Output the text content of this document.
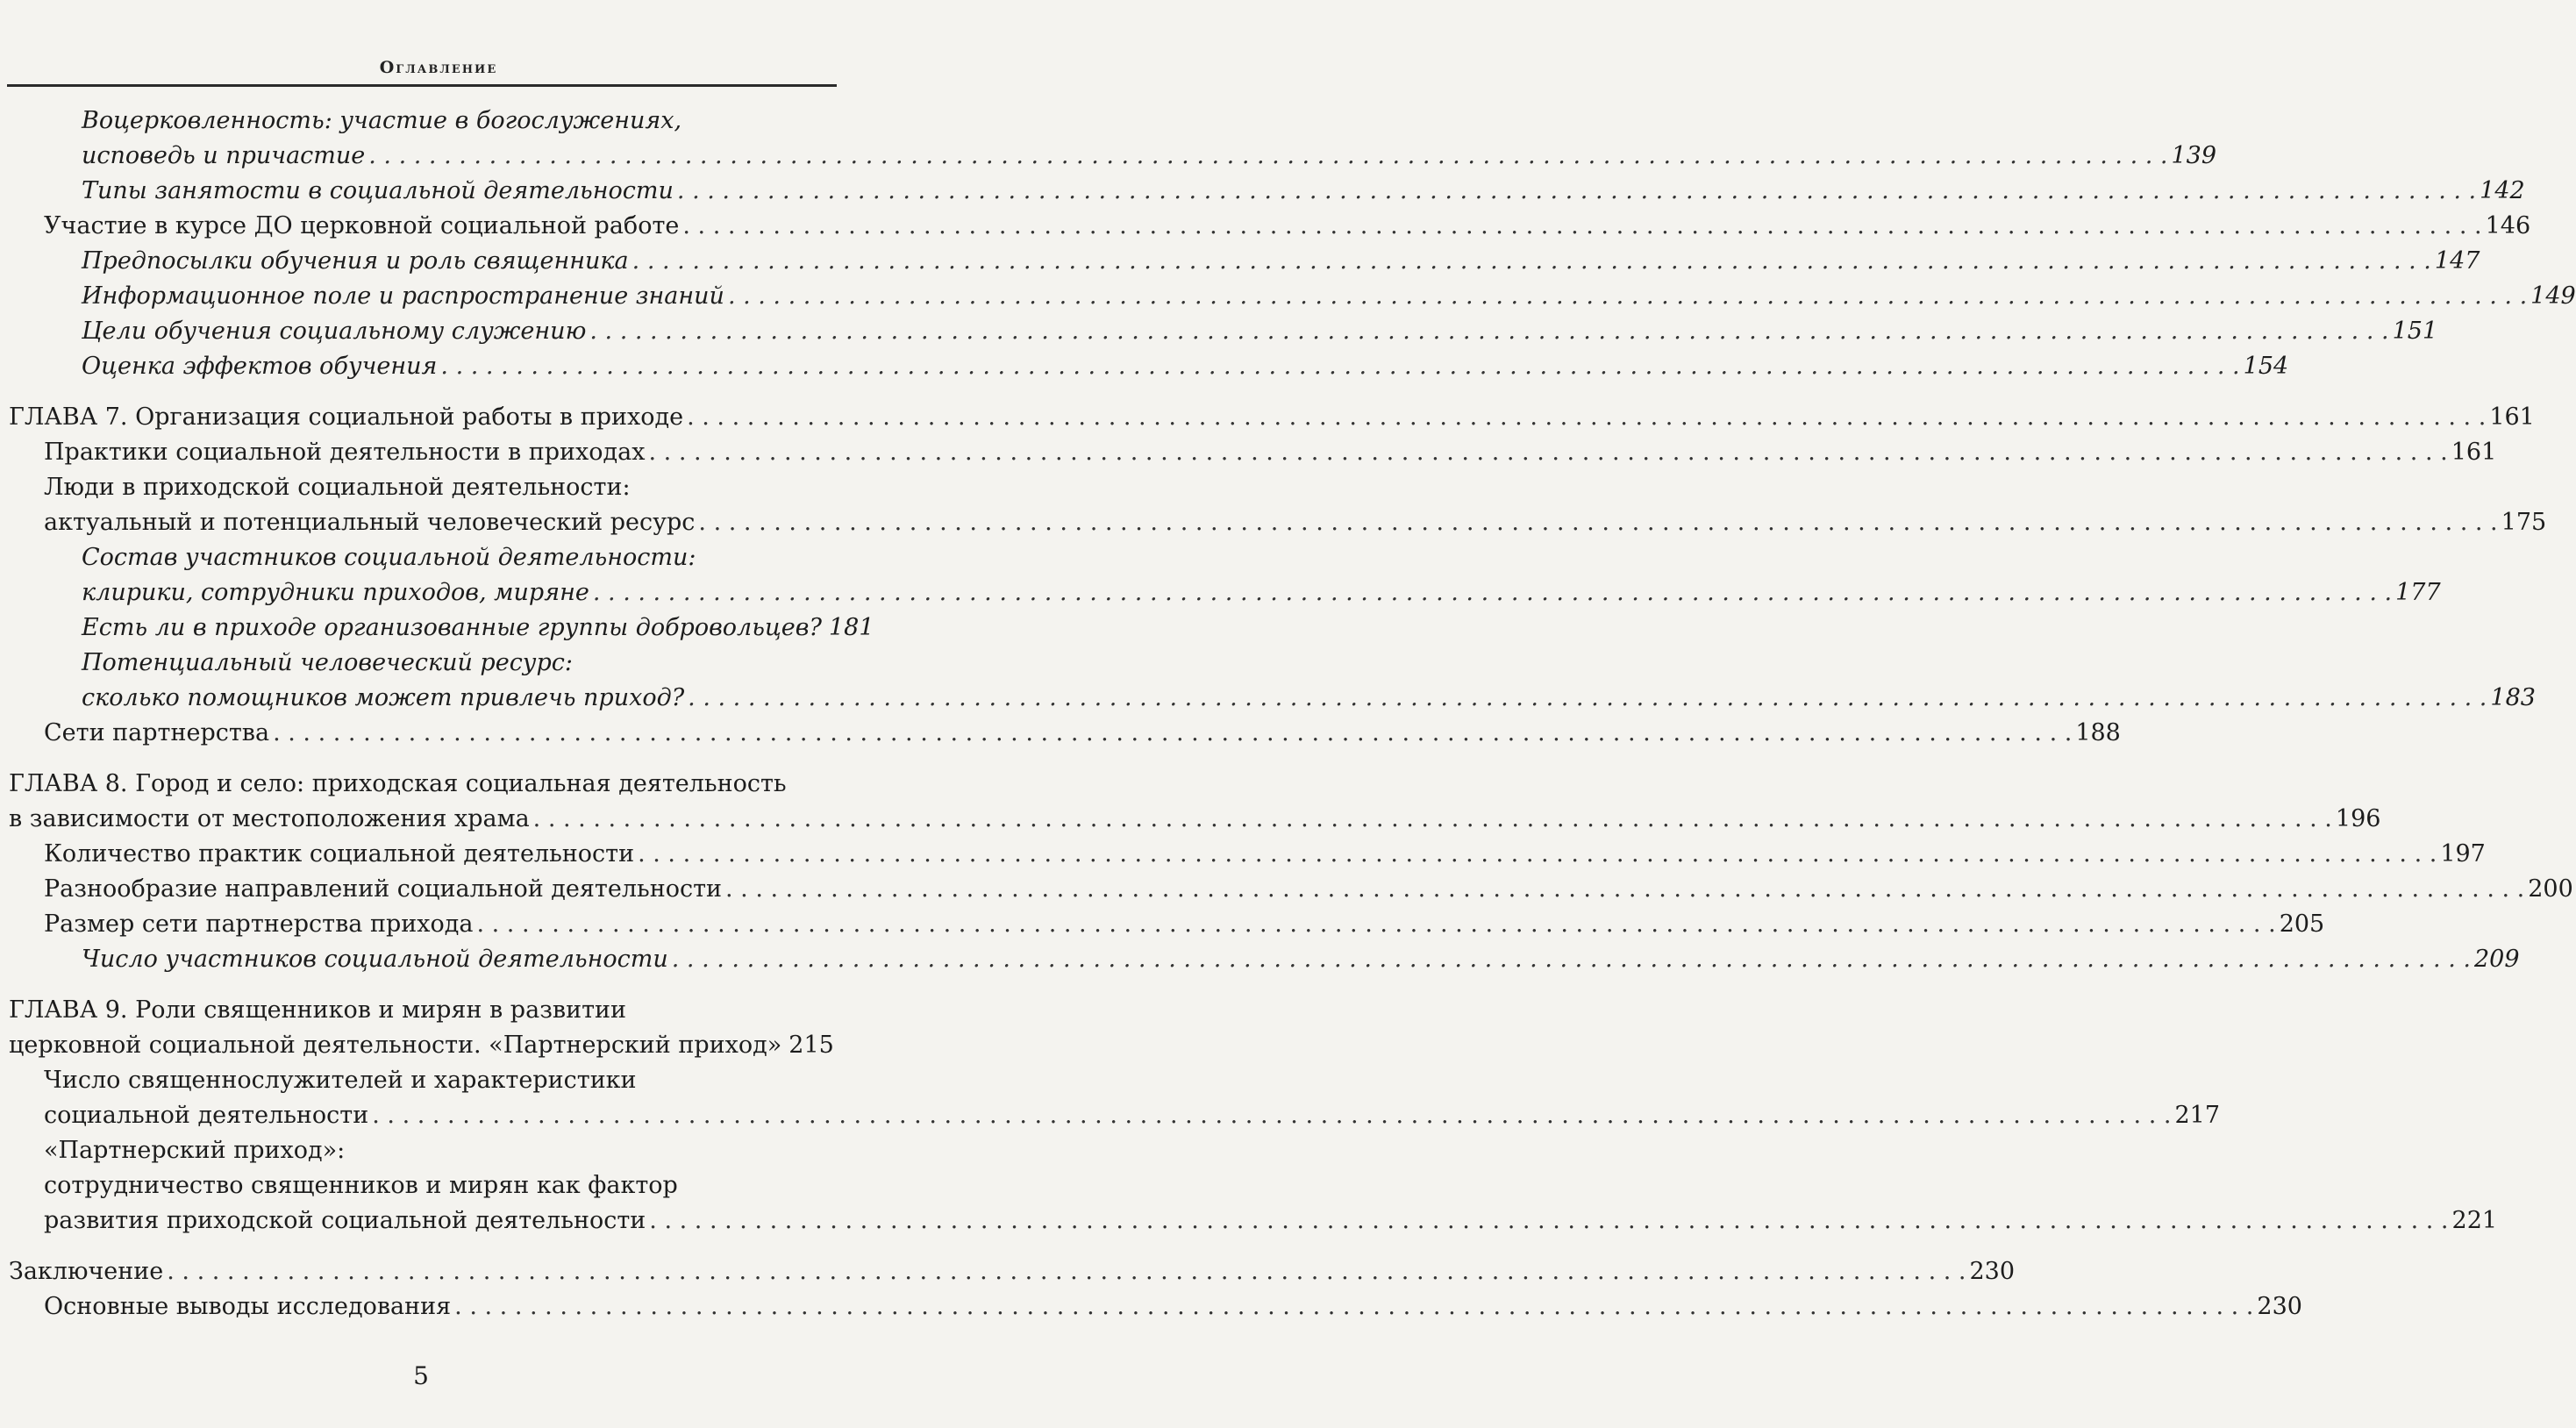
Оглавление
Воцерковленность: участие в богослужениях,
исповедь и причастие . . . . . . . . . . . . . . . . . . . . . . . . . . . . . . . . . . . . . . . . . . . . . . . . . . . . . . . . . . . . . . . . . . . . . . . . . . . . . . . . . . . . . . . . . . . . . . . . . . . . . . . . . . . . . . . . . . . . . . . . 139
Типы занятости в социальной деятельности . . . . . . . . . . . . . . . . . . . . . . . . . . . . . . . . . . . . . . . . . . . . . . . . . . . . . . . . . . . . . . . . . . . . . . . . . . . . . . . . . . . . . . . . . . . . . . . . . . . . . . . . . . . . . . . . . . . . . . . . 142
Участие в курсе ДО церковной социальной работе . . . . . . . . . . . . . . . . . . . . . . . . . . . . . . . . . . . . . . . . . . . . . . . . . . . . . . . . . . . . . . . . . . . . . . . . . . . . . . . . . . . . . . . . . . . . . . . . . . . . . . . . . . . . . . . . . . . . . . . . 146
Предпосылки обучения и роль священника . . . . . . . . . . . . . . . . . . . . . . . . . . . . . . . . . . . . . . . . . . . . . . . . . . . . . . . . . . . . . . . . . . . . . . . . . . . . . . . . . . . . . . . . . . . . . . . . . . . . . . . . . . . . . . . . . . . . . . . . 147
Информационное поле и распространение знаний . . . . . . . . . . . . . . . . . . . . . . . . . . . . . . . . . . . . . . . . . . . . . . . . . . . . . . . . . . . . . . . . . . . . . . . . . . . . . . . . . . . . . . . . . . . . . . . . . . . . . . . . . . . . . . . . . . . . . . . . 149
Цели обучения социальному служению . . . . . . . . . . . . . . . . . . . . . . . . . . . . . . . . . . . . . . . . . . . . . . . . . . . . . . . . . . . . . . . . . . . . . . . . . . . . . . . . . . . . . . . . . . . . . . . . . . . . . . . . . . . . . . . . . . . . . . . . 151
Оценка эффектов обучения . . . . . . . . . . . . . . . . . . . . . . . . . . . . . . . . . . . . . . . . . . . . . . . . . . . . . . . . . . . . . . . . . . . . . . . . . . . . . . . . . . . . . . . . . . . . . . . . . . . . . . . . . . . . . . . . . . . . . . . . 154
ГЛАВА 7. Организация социальной работы в приходе . . . . . . . . . . . . . . . . . . . . . . . . . . . . . . . . . . . . . . . . . . . . . . . . . . . . . . . . . . . . . . . . . . . . . . . . . . . . . . . . . . . . . . . . . . . . . . . . . . . . . . . . . . . . . . . . . . . . . . . . 161
Практики социальной деятельности в приходах . . . . . . . . . . . . . . . . . . . . . . . . . . . . . . . . . . . . . . . . . . . . . . . . . . . . . . . . . . . . . . . . . . . . . . . . . . . . . . . . . . . . . . . . . . . . . . . . . . . . . . . . . . . . . . . . . . . . . . . . 161
Люди в приходской социальной деятельности:
актуальный и потенциальный человеческий ресурс . . . . . . . . . . . . . . . . . . . . . . . . . . . . . . . . . . . . . . . . . . . . . . . . . . . . . . . . . . . . . . . . . . . . . . . . . . . . . . . . . . . . . . . . . . . . . . . . . . . . . . . . . . . . . . . . . . . . . . . . 175
Состав участников социальной деятельности:
клирики, сотрудники приходов, миряне . . . . . . . . . . . . . . . . . . . . . . . . . . . . . . . . . . . . . . . . . . . . . . . . . . . . . . . . . . . . . . . . . . . . . . . . . . . . . . . . . . . . . . . . . . . . . . . . . . . . . . . . . . . . . . . . . . . . . . . . 177
Есть ли в приходе организованные группы добровольцев? 181
Потенциальный человеческий ресурс:
сколько помощников может привлечь приход? . . . . . . . . . . . . . . . . . . . . . . . . . . . . . . . . . . . . . . . . . . . . . . . . . . . . . . . . . . . . . . . . . . . . . . . . . . . . . . . . . . . . . . . . . . . . . . . . . . . . . . . . . . . . . . . . . . . . . . . . 183
Сети партнерства . . . . . . . . . . . . . . . . . . . . . . . . . . . . . . . . . . . . . . . . . . . . . . . . . . . . . . . . . . . . . . . . . . . . . . . . . . . . . . . . . . . . . . . . . . . . . . . . . . . . . . . . . . . . . . . . . . . . . . . . 188
ГЛАВА 8. Город и село: приходская социальная деятельность
в зависимости от местоположения храма . . . . . . . . . . . . . . . . . . . . . . . . . . . . . . . . . . . . . . . . . . . . . . . . . . . . . . . . . . . . . . . . . . . . . . . . . . . . . . . . . . . . . . . . . . . . . . . . . . . . . . . . . . . . . . . . . . . . . . . . 196
Количество практик социальной деятельности . . . . . . . . . . . . . . . . . . . . . . . . . . . . . . . . . . . . . . . . . . . . . . . . . . . . . . . . . . . . . . . . . . . . . . . . . . . . . . . . . . . . . . . . . . . . . . . . . . . . . . . . . . . . . . . . . . . . . . . . 197
Разнообразие направлений социальной деятельности . . . . . . . . . . . . . . . . . . . . . . . . . . . . . . . . . . . . . . . . . . . . . . . . . . . . . . . . . . . . . . . . . . . . . . . . . . . . . . . . . . . . . . . . . . . . . . . . . . . . . . . . . . . . . . . . . . . . . . . . 200
Размер сети партнерства прихода . . . . . . . . . . . . . . . . . . . . . . . . . . . . . . . . . . . . . . . . . . . . . . . . . . . . . . . . . . . . . . . . . . . . . . . . . . . . . . . . . . . . . . . . . . . . . . . . . . . . . . . . . . . . . . . . . . . . . . . . 205
Число участников социальной деятельности . . . . . . . . . . . . . . . . . . . . . . . . . . . . . . . . . . . . . . . . . . . . . . . . . . . . . . . . . . . . . . . . . . . . . . . . . . . . . . . . . . . . . . . . . . . . . . . . . . . . . . . . . . . . . . . . . . . . . . . . 209
ГЛАВА 9. Роли священников и мирян в развитии
церковной социальной деятельности. «Партнерский приход» 215
Число священнослужителей и характеристики
социальной деятельности . . . . . . . . . . . . . . . . . . . . . . . . . . . . . . . . . . . . . . . . . . . . . . . . . . . . . . . . . . . . . . . . . . . . . . . . . . . . . . . . . . . . . . . . . . . . . . . . . . . . . . . . . . . . . . . . . . . . . . . . 217
«Партнерский приход»:
сотрудничество священников и мирян как фактор
развития приходской социальной деятельности . . . . . . . . . . . . . . . . . . . . . . . . . . . . . . . . . . . . . . . . . . . . . . . . . . . . . . . . . . . . . . . . . . . . . . . . . . . . . . . . . . . . . . . . . . . . . . . . . . . . . . . . . . . . . . . . . . . . . . . . 221
Заключение . . . . . . . . . . . . . . . . . . . . . . . . . . . . . . . . . . . . . . . . . . . . . . . . . . . . . . . . . . . . . . . . . . . . . . . . . . . . . . . . . . . . . . . . . . . . . . . . . . . . . . . . . . . . . . . . . . . . . . . . 230
Основные выводы исследования . . . . . . . . . . . . . . . . . . . . . . . . . . . . . . . . . . . . . . . . . . . . . . . . . . . . . . . . . . . . . . . . . . . . . . . . . . . . . . . . . . . . . . . . . . . . . . . . . . . . . . . . . . . . . . . . . . . . . . . . 230
5
